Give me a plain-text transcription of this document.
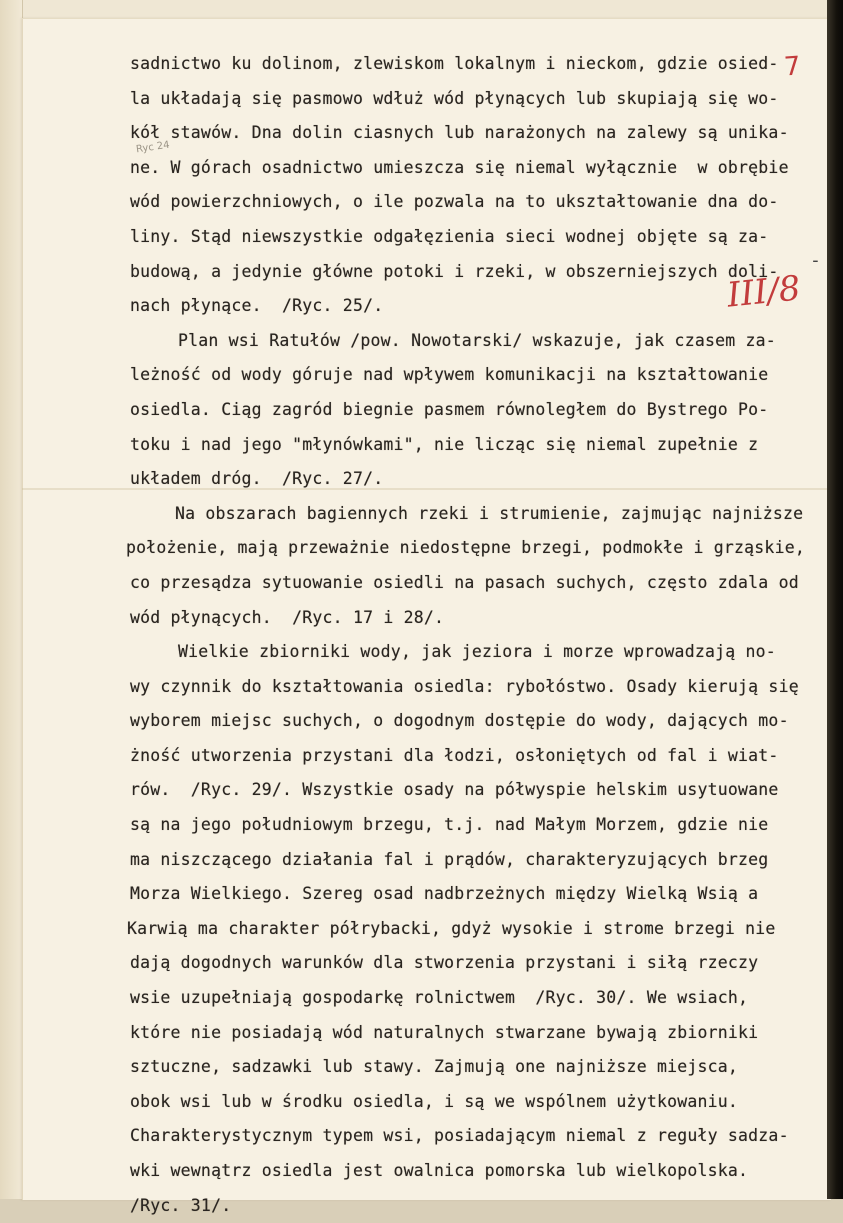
Ryc 24
sadnictwo ku dolinom, zlewiskom lokalnym i nieckom, gdzie osied-
la układają się pasmowo wdłuż wód płynących lub skupiają się wo-
kół stawów. Dna dolin ciasnych lub narażonych na zalewy są unika-
ne. W górach osadnictwo umieszcza się niemal wyłącznie  w obrębie
wód powierzchniowych, o ile pozwala na to ukształtowanie dna do-
liny. Stąd niewszystkie odgałęzienia sieci wodnej objęte są za-
budową, a jedynie główne potoki i rzeki, w obszerniejszych doli-
nach płynące.  /Ryc. 25/.
Plan wsi Ratułów /pow. Nowotarski/ wskazuje, jak czasem za-
leżność od wody góruje nad wpływem komunikacji na kształtowanie
osiedla. Ciąg zagród biegnie pasmem równoległem do Bystrego Po-
toku i nad jego "młynówkami", nie licząc się niemal zupełnie z
układem dróg.  /Ryc. 27/.
Na obszarach bagiennych rzeki i strumienie, zajmując najniższe
położenie, mają przeważnie niedostępne brzegi, podmokłe i grząskie,
co przesądza sytuowanie osiedli na pasach suchych, często zdala od
wód płynących.  /Ryc. 17 i 28/.
Wielkie zbiorniki wody, jak jeziora i morze wprowadzają no-
wy czynnik do kształtowania osiedla: rybołóstwo. Osady kierują się
wyborem miejsc suchych, o dogodnym dostępie do wody, dających mo-
żność utworzenia przystani dla łodzi, osłoniętych od fal i wiat-
rów.  /Ryc. 29/. Wszystkie osady na półwyspie helskim usytuowane
są na jego południowym brzegu, t.j. nad Małym Morzem, gdzie nie
ma niszczącego działania fal i prądów, charakteryzujących brzeg
Morza Wielkiego. Szereg osad nadbrzeżnych między Wielką Wsią a
Karwią ma charakter półrybacki, gdyż wysokie i strome brzegi nie
dają dogodnych warunków dla stworzenia przystani i siłą rzeczy
wsie uzupełniają gospodarkę rolnictwem  /Ryc. 30/. We wsiach,
które nie posiadają wód naturalnych stwarzane bywają zbiorniki
sztuczne, sadzawki lub stawy. Zajmują one najniższe miejsca,
obok wsi lub w środku osiedla, i są we wspólnem użytkowaniu.
Charakterystycznym typem wsi, posiadającym niemal z reguły sadza-
wki wewnątrz osiedla jest owalnica pomorska lub wielkopolska.
/Ryc. 31/.
7
-
III/8
